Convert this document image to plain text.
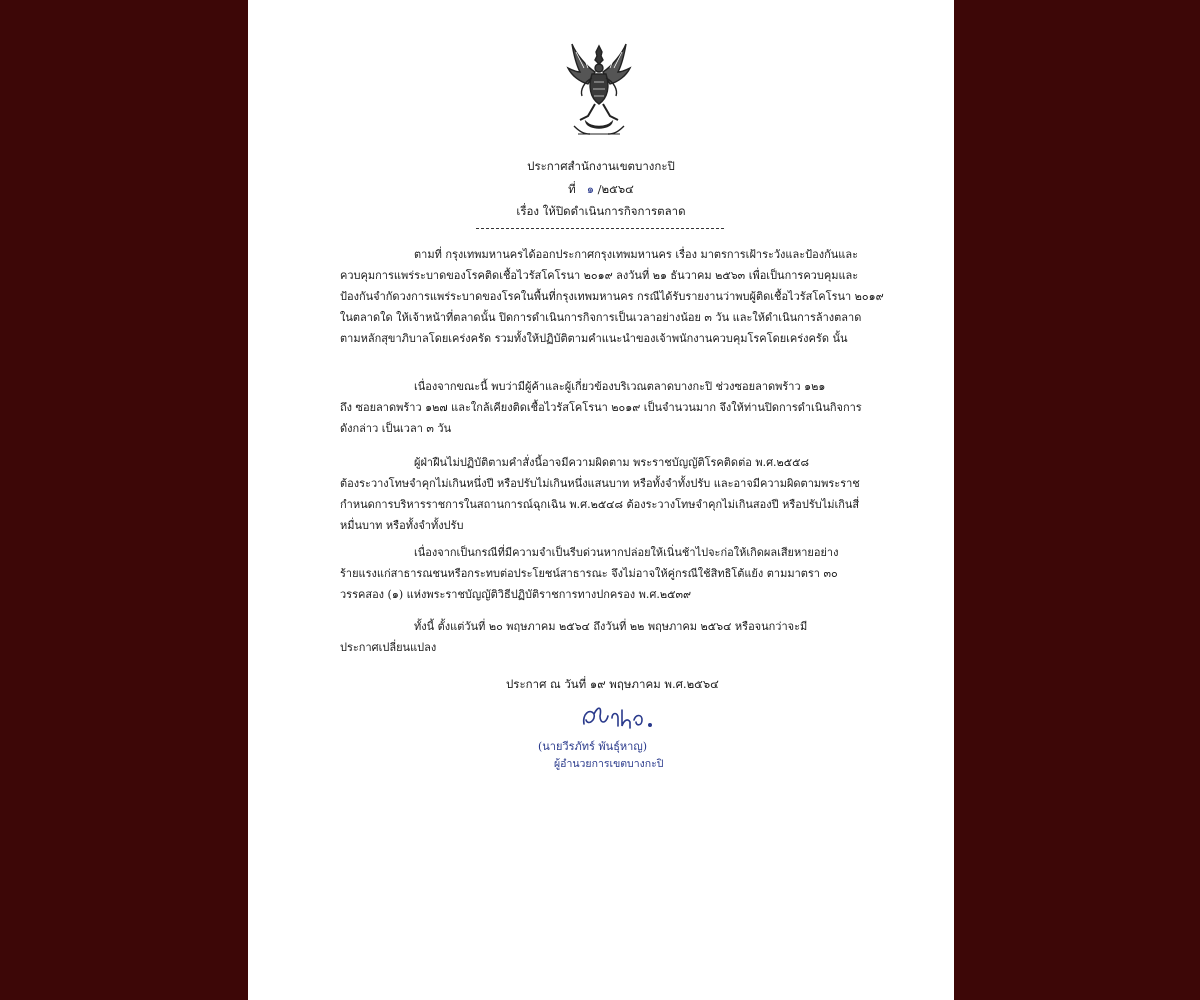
ประกาศสำนักงานเขตบางกะปิ
ที่ ๑ /๒๕๖๔
เรื่อง ให้ปิดดำเนินการกิจการตลาด
ตามที่ กรุงเทพมหานครได้ออกประกาศกรุงเทพมหานคร เรื่อง มาตรการเฝ้าระวังและป้องกันและ
ควบคุมการแพร่ระบาดของโรคติดเชื้อไวรัสโคโรนา ๒๐๑๙ ลงวันที่ ๒๑ ธันวาคม ๒๕๖๓ เพื่อเป็นการควบคุมและ
ป้องกันจำกัดวงการแพร่ระบาดของโรคในพื้นที่กรุงเทพมหานคร กรณีได้รับรายงานว่าพบผู้ติดเชื้อไวรัสโคโรนา ๒๐๑๙
ในตลาดใด ให้เจ้าหน้าที่ตลาดนั้น ปิดการดำเนินการกิจการเป็นเวลาอย่างน้อย ๓ วัน และให้ดำเนินการล้างตลาด
ตามหลักสุขาภิบาลโดยเคร่งครัด รวมทั้งให้ปฏิบัติตามคำแนะนำของเจ้าพนักงานควบคุมโรคโดยเคร่งครัด นั้น
เนื่องจากขณะนี้ พบว่ามีผู้ค้าและผู้เกี่ยวข้องบริเวณตลาดบางกะปิ ช่วงซอยลาดพร้าว ๑๒๑
ถึง ซอยลาดพร้าว ๑๒๗ และใกล้เคียงติดเชื้อไวรัสโคโรนา ๒๐๑๙ เป็นจำนวนมาก จึงให้ท่านปิดการดำเนินกิจการ
ดังกล่าว เป็นเวลา ๓ วัน
ผู้ฝ่าฝืนไม่ปฏิบัติตามคำสั่งนี้อาจมีความผิดตาม พระราชบัญญัติโรคติดต่อ พ.ศ.๒๕๕๘
ต้องระวางโทษจำคุกไม่เกินหนึ่งปี หรือปรับไม่เกินหนึ่งแสนบาท หรือทั้งจำทั้งปรับ และอาจมีความผิดตามพระราช
กำหนดการบริหารราชการในสถานการณ์ฉุกเฉิน พ.ศ.๒๕๔๘ ต้องระวางโทษจำคุกไม่เกินสองปี หรือปรับไม่เกินสี่
หมื่นบาท หรือทั้งจำทั้งปรับ
เนื่องจากเป็นกรณีที่มีความจำเป็นรีบด่วนหากปล่อยให้เนิ่นช้าไปจะก่อให้เกิดผลเสียหายอย่าง
ร้ายแรงแก่สาธารณชนหรือกระทบต่อประโยชน์สาธารณะ จึงไม่อาจให้คู่กรณีใช้สิทธิโต้แย้ง ตามมาตรา ๓๐
วรรคสอง (๑) แห่งพระราชบัญญัติวิธีปฏิบัติราชการทางปกครอง พ.ศ.๒๕๓๙
ทั้งนี้ ตั้งแต่วันที่ ๒๐ พฤษภาคม ๒๕๖๔ ถึงวันที่ ๒๒ พฤษภาคม ๒๕๖๔ หรือจนกว่าจะมี
ประกาศเปลี่ยนแปลง
ประกาศ ณ วันที่ ๑๙ พฤษภาคม พ.ศ.๒๕๖๔
(นายวีรภัทร์ พันธุ์หาญ)
ผู้อำนวยการเขตบางกะปิ
